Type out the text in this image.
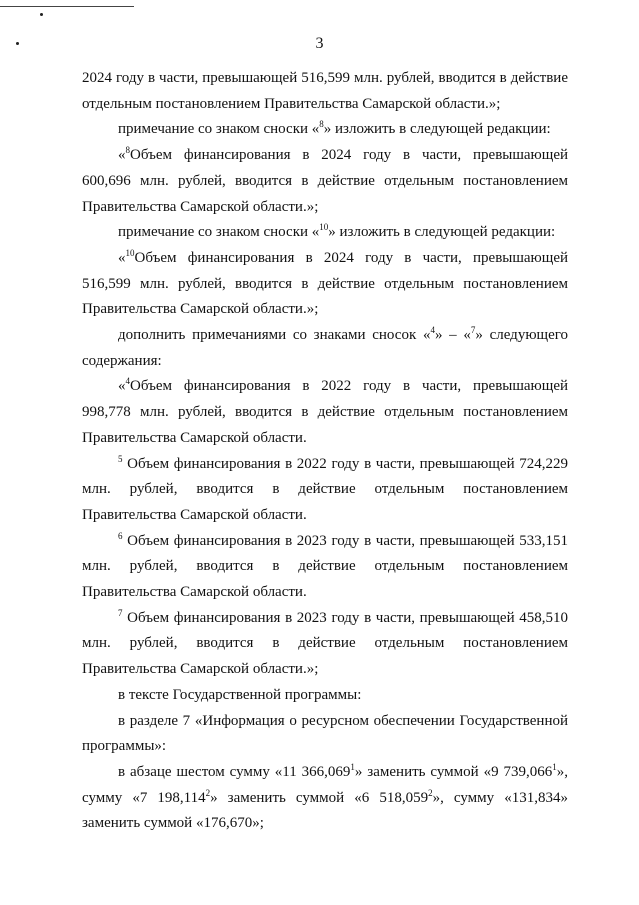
3

2024 году в части, превышающей 516,599 млн. рублей, вводится в действие
отдельным постановлением Правительства Самарской области.»;

примечание со знаком сноски «$^8$» изложить в следующей редакции:

«$^8$Объем финансирования в 2024 году в части, превышающей
600,696 млн. рублей, вводится в действие отдельным постановлением
Правительства Самарской области.»;

примечание со знаком сноски «$^{10}$» изложить в следующей редакции:

«$^{10}$Объем финансирования в 2024 году в части, превышающей
516,599 млн. рублей, вводится в действие отдельным постановлением
Правительства Самарской области.»;

дополнить примечаниями со знаками сносок «$^4$» – «$^7$» следующего
содержания:

«$^4$Объем финансирования в 2022 году в части, превышающей
998,778 млн. рублей, вводится в действие отдельным постановлением
Правительства Самарской области.

$^5$ Объем финансирования в 2022 году в части, превышающей 724,229
млн. рублей, вводится в действие отдельным постановлением
Правительства Самарской области.

$^6$ Объем финансирования в 2023 году в части, превышающей 533,151
млн. рублей, вводится в действие отдельным постановлением
Правительства Самарской области.

$^7$ Объем финансирования в 2023 году в части, превышающей 458,510
млн. рублей, вводится в действие отдельным постановлением
Правительства Самарской области.»;

в тексте Государственной программы:

в разделе 7 «Информация о ресурсном обеспечении Государственной
программы»:

в абзаце шестом сумму «11 366,069$^1$» заменить суммой «9 739,066$^1$»,
сумму «7 198,114$^2$» заменить суммой «6 518,059$^2$», сумму «131,834»
заменить суммой «176,670»;
